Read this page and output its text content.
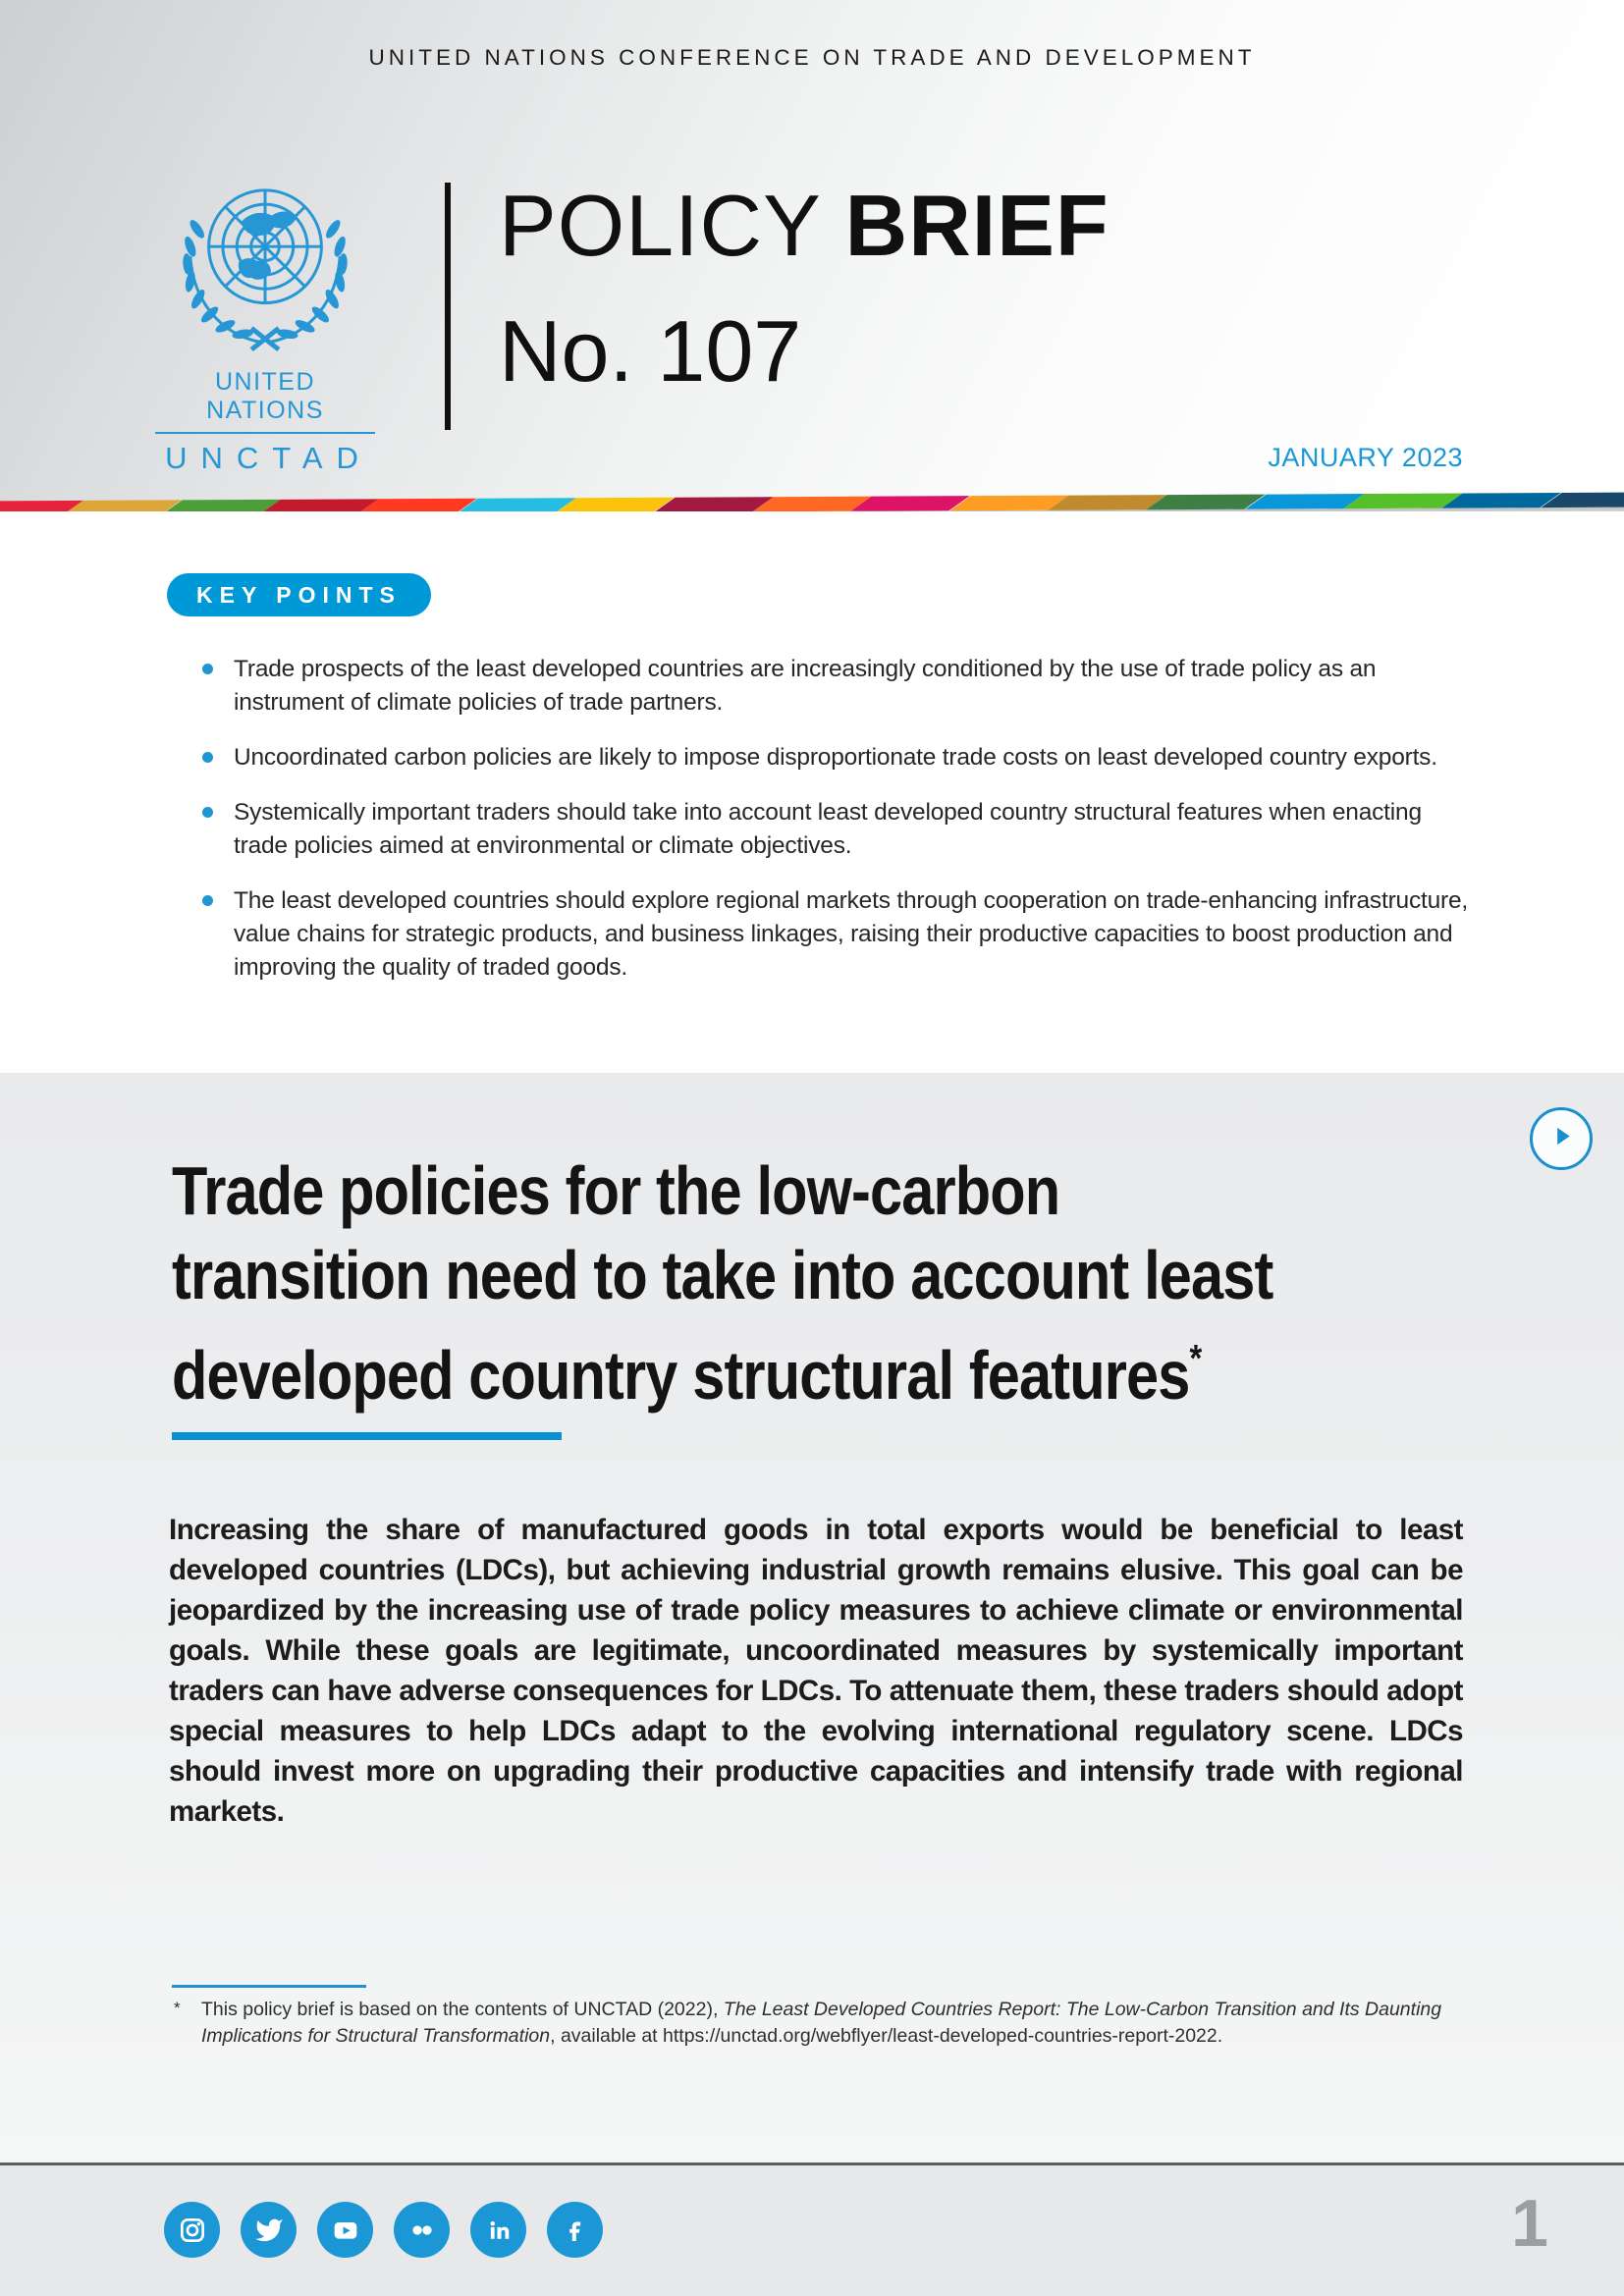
UNITED NATIONS CONFERENCE ON TRADE AND DEVELOPMENT
UNITED NATIONS
UNCTAD
POLICY BRIEF
No. 107
JANUARY 2023
KEY POINTS
Trade prospects of the least developed countries are increasingly conditioned by the use of trade policy as an instrument of climate policies of trade partners.
Uncoordinated carbon policies are likely to impose disproportionate trade costs on least developed country exports.
Systemically important traders should take into account least developed country structural features when enacting trade policies aimed at environmental or climate objectives.
The least developed countries should explore regional markets through cooperation on trade-enhancing infrastructure, value chains for strategic products, and business linkages, raising their productive capacities to boost production and improving the quality of traded goods.
Trade policies for the low-carbon
transition need to take into account least
developed country structural features*

Increasing the share of manufactured goods in total exports would be beneficial to least developed countries (LDCs), but achieving industrial growth remains elusive. This goal can be jeopardized by the increasing use of trade policy measures to achieve climate or environmental goals. While these goals are legitimate, uncoordinated measures by systemically important traders can have adverse consequences for LDCs. To attenuate them, these traders should adopt special measures to help LDCs adapt to the evolving international regulatory scene. LDCs should invest more on upgrading their productive capacities and intensify trade with regional markets.

* This policy brief is based on the contents of UNCTAD (2022), The Least Developed Countries Report: The Low-Carbon Transition and Its Daunting Implications for Structural Transformation, available at https://unctad.org/webflyer/least-developed-countries-report-2022.
1
